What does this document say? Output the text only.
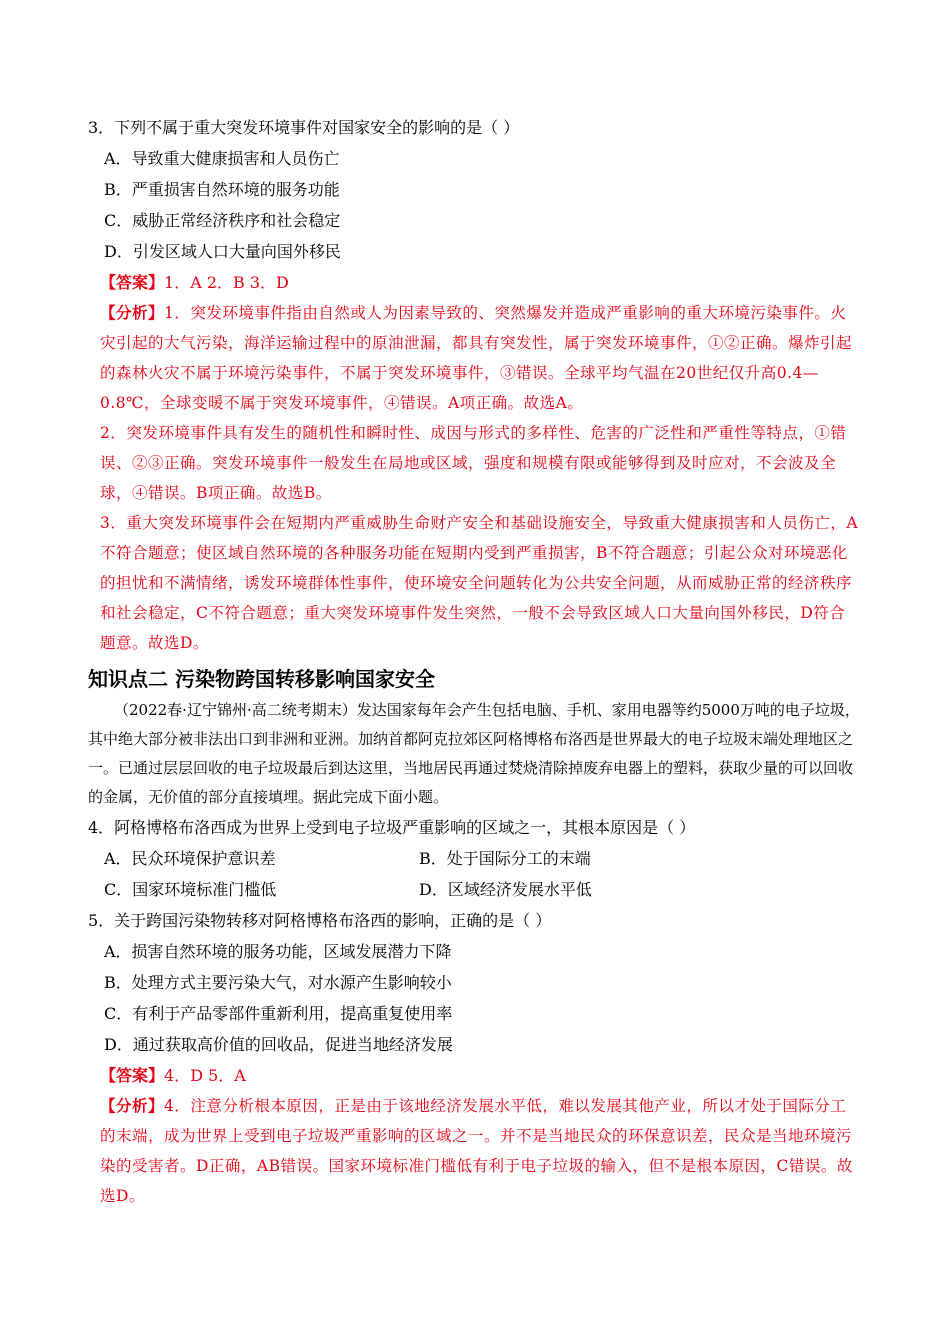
3．下列不属于重大突发环境事件对国家安全的影响的是（ ）
A．导致重大健康损害和人员伤亡
B．严重损害自然环境的服务功能
C．威胁正常经济秩序和社会稳定
D．引发区域人口大量向国外移民
【答案】1．A 2．B 3．D

【分析】1．突发环境事件指由自然或人为因素导致的、突然爆发并造成严重影响的重大环境污染事件。火灾引起的大气污染，海洋运输过程中的原油泄漏，都具有突发性，属于突发环境事件，①②正确。爆炸引起的森林火灾不属于环境污染事件，不属于突发环境事件，③错误。全球平均气温在20世纪仅升高0.4—0.8℃，全球变暖不属于突发环境事件，④错误。A项正确。故选A。

2．突发环境事件具有发生的随机性和瞬时性、成因与形式的多样性、危害的广泛性和严重性等特点，①错误、②③正确。突发环境事件一般发生在局地或区域，强度和规模有限或能够得到及时应对，不会波及全球，④错误。B项正确。故选B。

3．重大突发环境事件会在短期内严重威胁生命财产安全和基础设施安全，导致重大健康损害和人员伤亡，A不符合题意；使区域自然环境的各种服务功能在短期内受到严重损害，B不符合题意；引起公众对环境恶化的担忧和不满情绪，诱发环境群体性事件，使环境安全问题转化为公共安全问题，从而威胁正常的经济秩序和社会稳定，C不符合题意；重大突发环境事件发生突然，一般不会导致区域人口大量向国外移民，D符合题意。故选D。

知识点二 污染物跨国转移影响国家安全

（2022春·辽宁锦州·高二统考期末）发达国家每年会产生包括电脑、手机、家用电器等约5000万吨的电子垃圾，其中绝大部分被非法出口到非洲和亚洲。加纳首都阿克拉郊区阿格博格布洛西是世界最大的电子垃圾末端处理地区之一。已通过层层回收的电子垃圾最后到达这里，当地居民再通过焚烧清除掉废弃电器上的塑料，获取少量的可以回收的金属，无价值的部分直接填埋。据此完成下面小题。

4．阿格博格布洛西成为世界上受到电子垃圾严重影响的区域之一，其根本原因是（ ）
A．民众环境保护意识差	B．处于国际分工的末端
C．国家环境标准门槛低	D．区域经济发展水平低
5．关于跨国污染物转移对阿格博格布洛西的影响，正确的是（ ）
A．损害自然环境的服务功能，区域发展潜力下降
B．处理方式主要污染大气，对水源产生影响较小
C．有利于产品零部件重新利用，提高重复使用率
D．通过获取高价值的回收品，促进当地经济发展
【答案】4．D 5．A

【分析】4．注意分析根本原因，正是由于该地经济发展水平低，难以发展其他产业，所以才处于国际分工的末端，成为世界上受到电子垃圾严重影响的区域之一。并不是当地民众的环保意识差，民众是当地环境污染的受害者。D正确，AB错误。国家环境标准门槛低有利于电子垃圾的输入，但不是根本原因，C错误。故选D。
